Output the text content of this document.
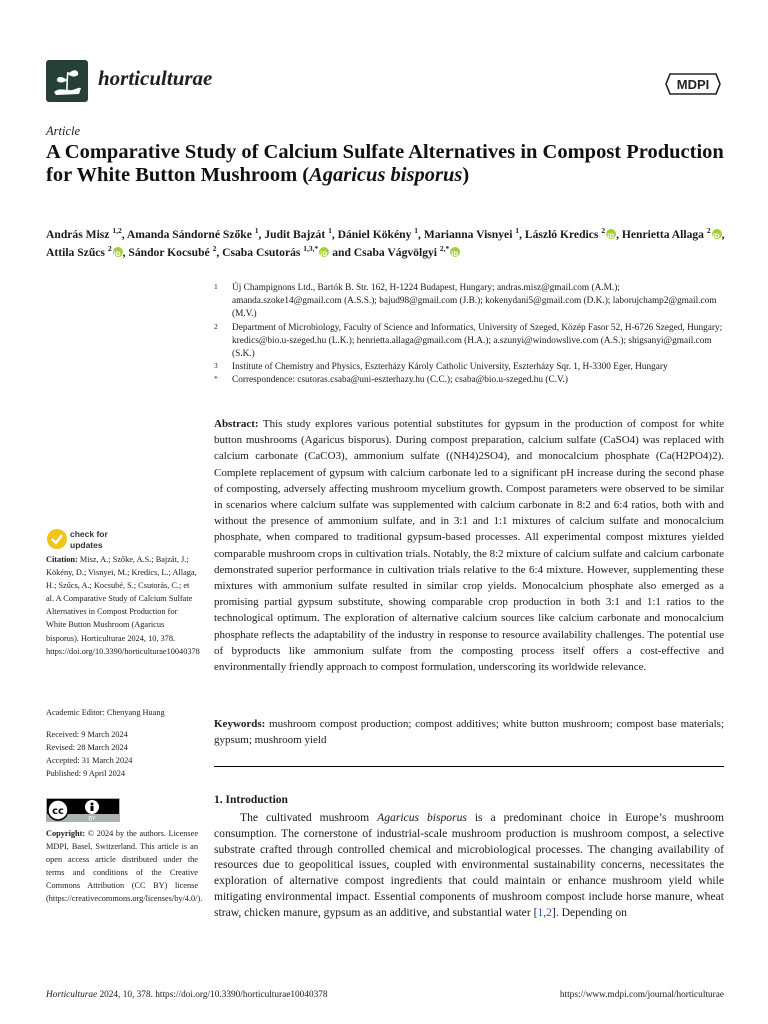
horticulturae	MDPI
Article
A Comparative Study of Calcium Sulfate Alternatives in Compost Production for White Button Mushroom (Agaricus bisporus)
András Misz $^{1,2}$, Amanda Sándorné Szőke $^1$, Judit Bajzát $^1$, Dániel Kökény $^1$, Marianna Visnyei $^1$, László Kredics $^2$ iD , Henrietta Allaga $^2$ iD , Attila Szűcs $^2$ iD , Sándor Kocsubé $^2$, Csaba Csutorás $^{1,3,*}$iD and Csaba Vágvölgyi $^{2,*}$iD
1 Új Champignons Ltd., Bartók B. Str. 162, H-1224 Budapest, Hungary; andras.misz@gmail.com (A.M.); amanda.szoke14@gmail.com (A.S.S.); bajud98@gmail.com (J.B.); kokenydani5@gmail.com (D.K.); laborujchamp2@gmail.com (M.V.)
2 Department of Microbiology, Faculty of Science and Informatics, University of Szeged, Közép Fasor 52, H-6726 Szeged, Hungary; kredics@bio.u-szeged.hu (L.K.); henrietta.allaga@gmail.com (H.A.); a.szunyi@windowslive.com (A.S.); shigsanyi@gmail.com (S.K.)
3 Institute of Chemistry and Physics, Eszterházy Károly Catholic University, Eszterházy Sqr. 1, H-3300 Eger, Hungary
* Correspondence: csutoras.csaba@uni-eszterhazy.hu (C.C.); csaba@bio.u-szeged.hu (C.V.)
Abstract: This study explores various potential substitutes for gypsum in the production of compost for white button mushrooms (Agaricus bisporus). During compost preparation, calcium sulfate (CaSO4) was replaced with calcium carbonate (CaCO3), ammonium sulfate ((NH4)2SO4), and monocalcium phosphate (Ca(H2PO4)2). Complete replacement of gypsum with calcium carbonate led to a significant pH increase during the second phase of composting, adversely affecting mushroom mycelium growth. Compost parameters were observed to be similar in scenarios where calcium sulfate was supplemented with calcium carbonate in 8:2 and 6:4 ratios, both with and without the presence of ammonium sulfate, and in 3:1 and 1:1 mixtures of calcium sulfate and monocalcium phosphate, when compared to traditional gypsum-based processes. All experimental compost mixtures yielded comparable mushroom crops in cultivation trials. Notably, the 8:2 mixture of calcium sulfate and calcium carbonate demonstrated superior performance in cultivation trials relative to the 6:4 mixture. However, supplementing these mixtures with ammonium sulfate resulted in similar crop yields. Monocalcium phosphate also emerged as a promising partial gypsum substitute, showing comparable crop production in both 3:1 and 1:1 ratios to the technological optimum. The exploration of alternative calcium sources like calcium carbonate and monocalcium phosphate reflects the adaptability of the industry in response to resource availability challenges. The potential use of byproducts like ammonium sulfate from the composting process itself offers a cost-effective and environmentally friendly approach to compost formulation, underscoring its worldwide relevance.
Keywords: mushroom compost production; compost additives; white button mushroom; compost base materials; gypsum; mushroom yield
check for
updates
Citation: Misz, A.; Szőke, A.S.; Bajzát, J.; Kökény, D.; Visnyei, M.; Kredics, L.; Allaga, H.; Szűcs, A.; Kocsubé, S.; Csutorás, C.; et al. A Comparative Study of Calcium Sulfate Alternatives in Compost Production for White Button Mushroom (Agaricus bisporus). Horticulturae 2024, 10, 378. https://doi.org/10.3390/horticulturae10040378
Academic Editor: Chenyang Huang
Received: 9 March 2024
Revised: 28 March 2024
Accepted: 31 March 2024
Published: 9 April 2024
cc
BY
Copyright: © 2024 by the authors. Licensee MDPI, Basel, Switzerland. This article is an open access article distributed under the terms and conditions of the Creative Commons Attribution (CC BY) license (https://creativecommons.org/licenses/by/4.0/).
1. Introduction
The cultivated mushroom Agaricus bisporus is a predominant choice in Europe’s mushroom consumption. The cornerstone of industrial-scale mushroom production is mushroom compost, a selective substrate crafted through controlled chemical and microbiological processes. The changing availability of resources due to geopolitical issues, coupled with environmental sustainability concerns, necessitates the exploration of alternative compost ingredients that could maintain or enhance mushroom yield while mitigating environmental impact. Essential components of mushroom compost include horse manure, wheat straw, chicken manure, gypsum as an additive, and substantial water [1,2]. Depending on
Horticulturae 2024, 10, 378. https://doi.org/10.3390/horticulturae10040378	https://www.mdpi.com/journal/horticulturae
